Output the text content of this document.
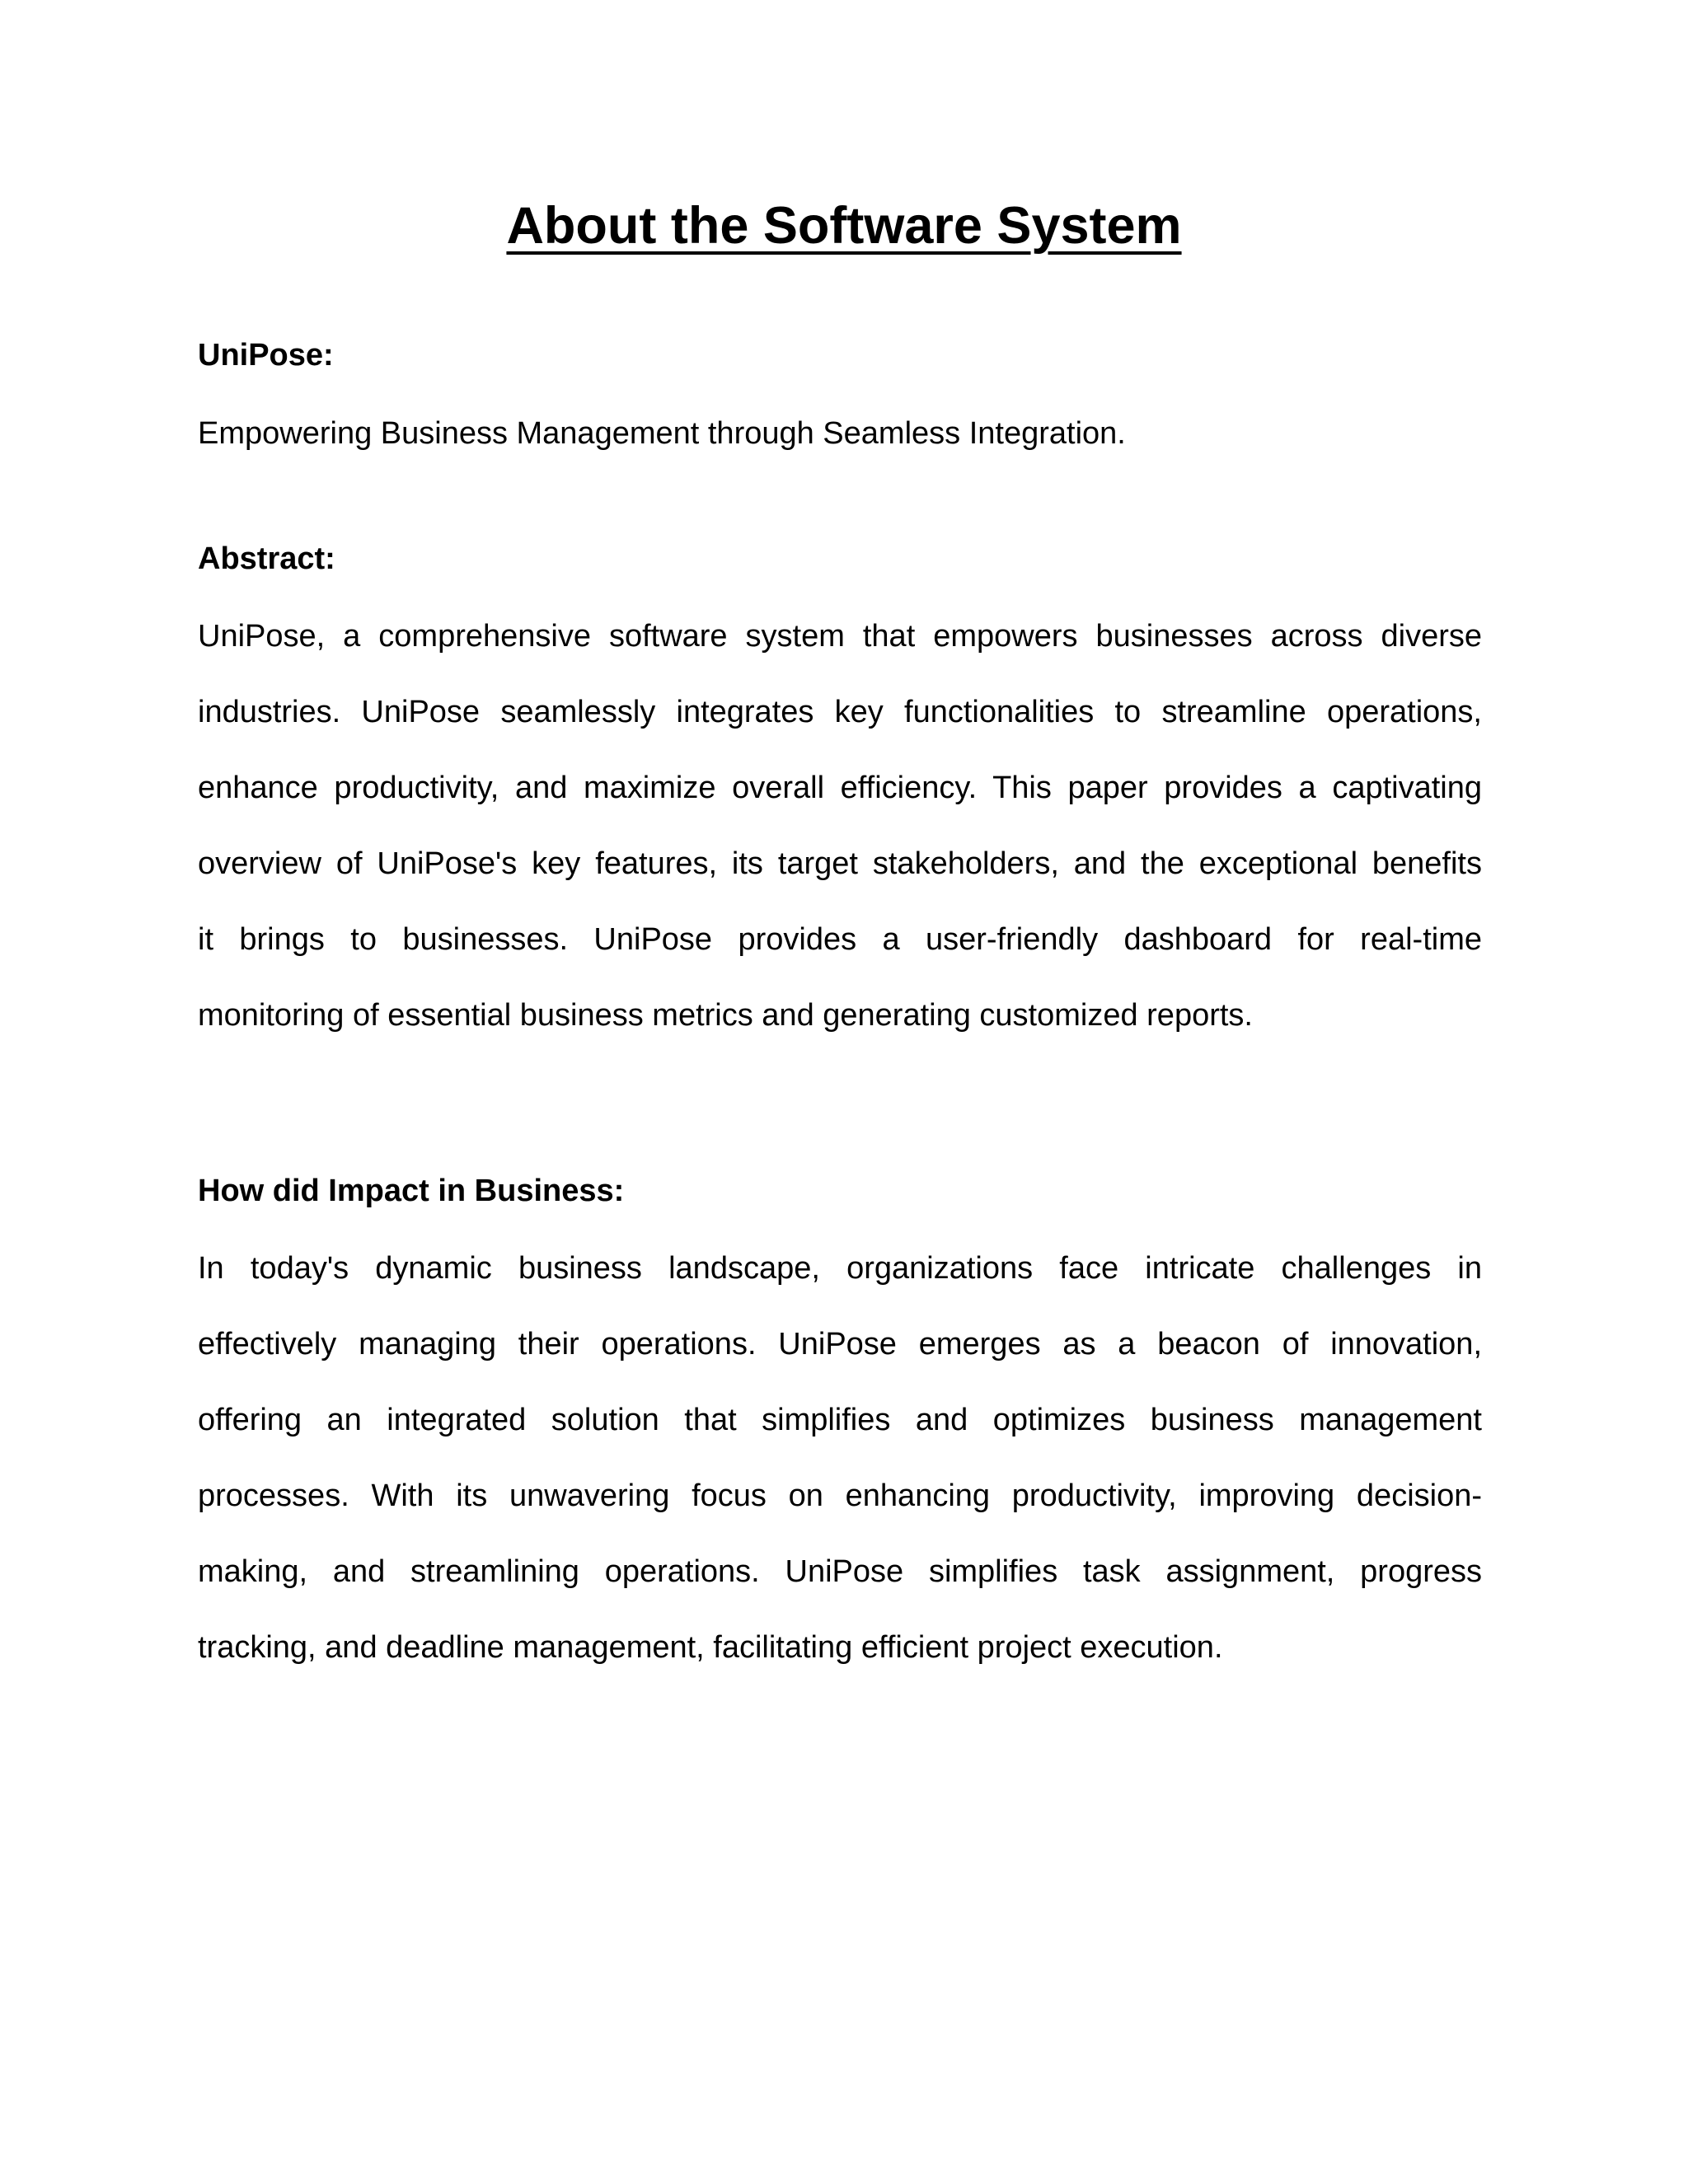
About the Software System
UniPose:
Empowering Business Management through Seamless Integration.
Abstract:
UniPose, a comprehensive software system that empowers businesses across diverse
industries. UniPose seamlessly integrates key functionalities to streamline operations,
enhance productivity, and maximize overall efficiency. This paper provides a captivating
overview of UniPose's key features, its target stakeholders, and the exceptional benefits
it brings to businesses. UniPose provides a user-friendly dashboard for real-time
monitoring of essential business metrics and generating customized reports.
How did Impact in Business:
In today's dynamic business landscape, organizations face intricate challenges in
effectively managing their operations. UniPose emerges as a beacon of innovation,
offering an integrated solution that simplifies and optimizes business management
processes. With its unwavering focus on enhancing productivity, improving decision-
making, and streamlining operations. UniPose simplifies task assignment, progress
tracking, and deadline management, facilitating efficient project execution.
